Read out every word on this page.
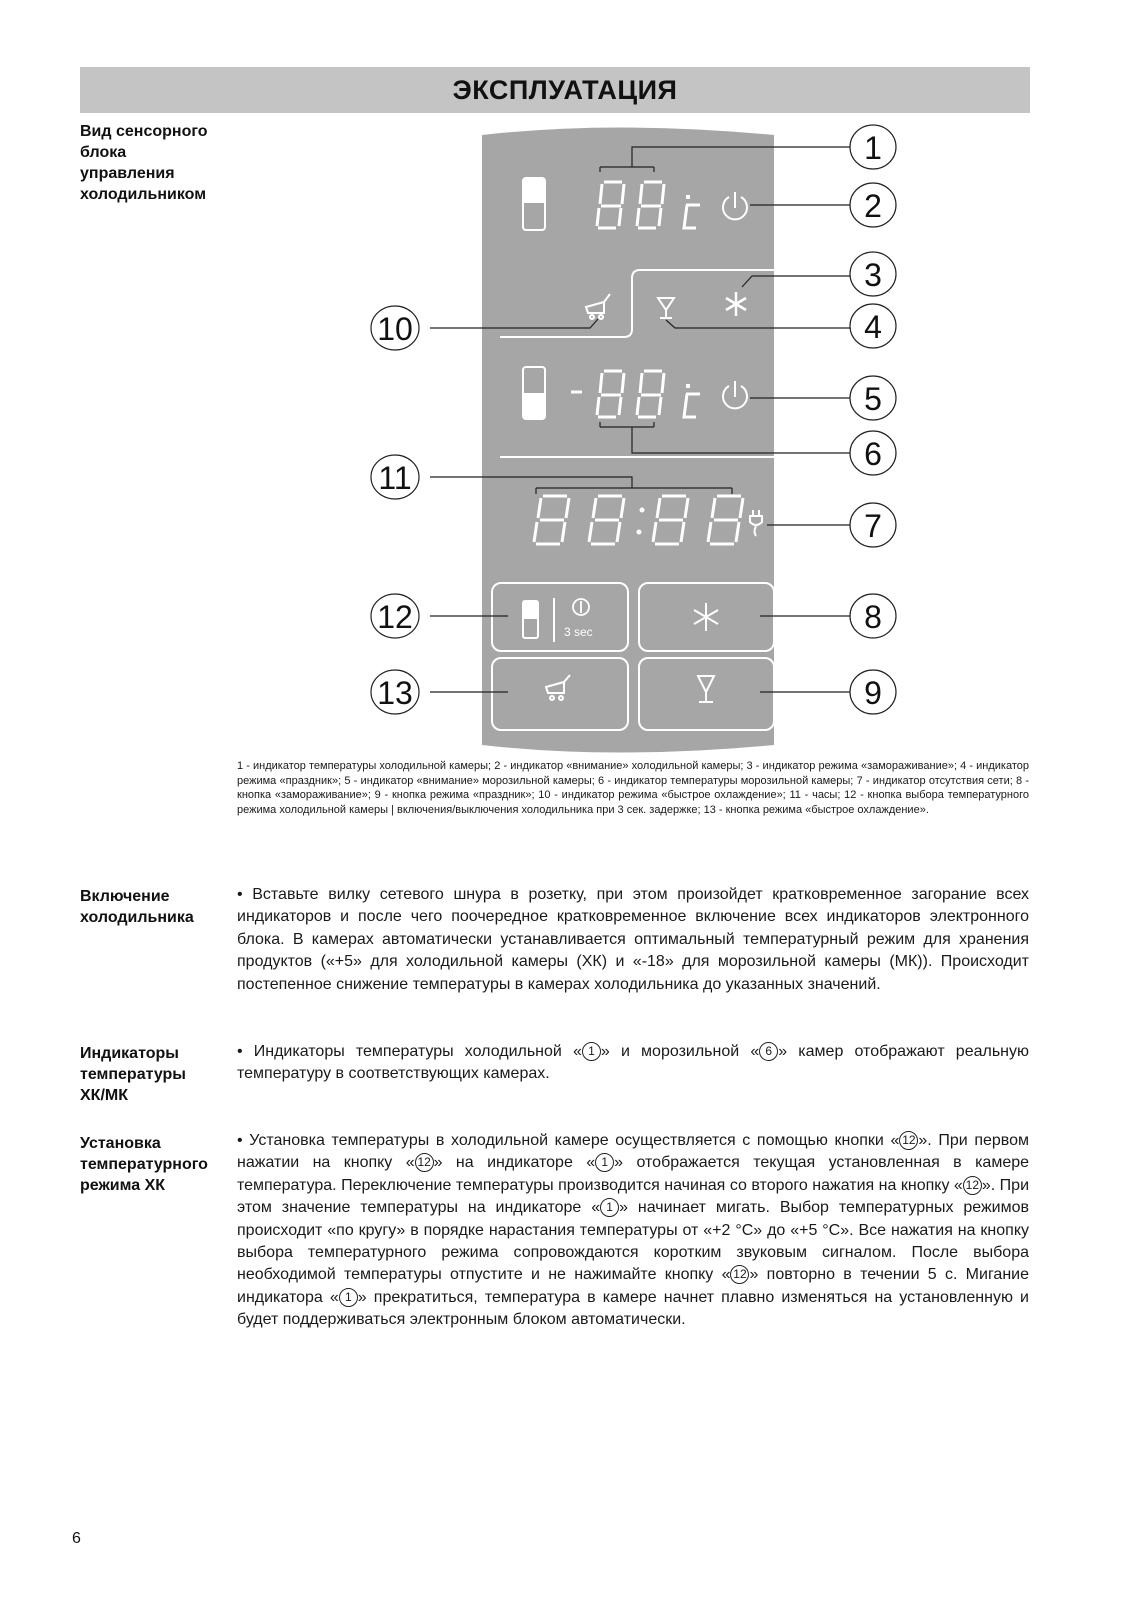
ЭКСПЛУАТАЦИЯ
Вид сенсорного
блока
управления
холодильником
3 sec
1
2
3
4
5
6
7
8
9
10
11
12
13
1 - индикатор температуры холодильной камеры; 2 - индикатор «внимание» холодильной камеры; 3 - индикатор режима «замораживание»; 4 - индикатор режима «праздник»; 5 - индикатор «внимание» морозильной камеры; 6 - индикатор температуры морозильной камеры; 7 - индикатор отсутствия сети; 8 - кнопка «замораживание»; 9 - кнопка режима «праздник»; 10 - индикатор режима «быстрое охлаждение»; 11 - часы; 12 - кнопка выбора температурного режима холодильной камеры | включения/выключения холодильника при 3 сек. задержке; 13 - кнопка режима «быстрое охлаждение».
Включение
холодильника
• Вставьте вилку сетевого шнура в розетку, при этом произойдет кратковременное загорание всех индикаторов и после чего поочередное кратковременное включение всех индикаторов электронного блока. В камерах автоматически устанавливается оптимальный температурный режим для хранения продуктов («+5» для холодильной камеры (ХК) и «-18» для морозильной камеры (МК)). Происходит постепенное снижение температуры в камерах холодильника до указанных значений.
Индикаторы
температуры
ХК/МК
• Индикаторы температуры холодильной « 1 » и морозильной « 6 » камер отображают реальную температуру в соответствующих камерах.
Установка
температурного
режима ХК
• Установка температуры в холодильной камере осуществляется с помощью кнопки « 12 ». При первом нажатии на кнопку « 12 » на индикаторе « 1 » отображается текущая установленная в камере температура. Переключение температуры производится начиная со второго нажатия на кнопку « 12 ». При этом значение температуры на индикаторе « 1 » начинает мигать. Выбор температурных режимов происходит «по кругу» в порядке нарастания температуры от «+2 °С» до «+5 °С». Все нажатия на кнопку выбора температурного режима сопровождаются коротким звуковым сигналом. После выбора необходимой температуры отпустите и не нажимайте кнопку « 12 » повторно в течении 5 с. Мигание индикатора « 1 » прекратиться, температура в камере начнет плавно изменяться на установленную и будет поддерживаться электронным блоком автоматически.
6
